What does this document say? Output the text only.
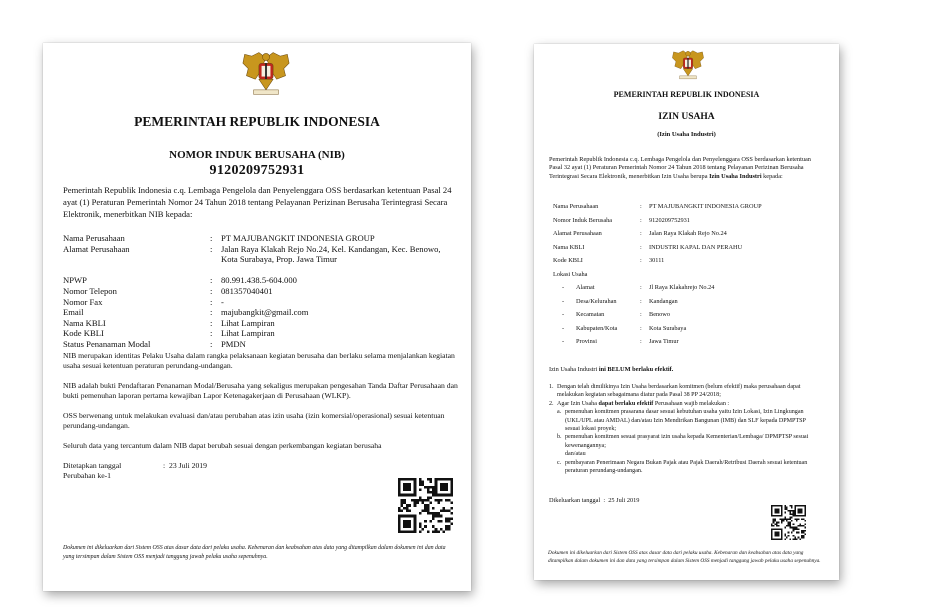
PEMERINTAH REPUBLIK INDONESIA
NOMOR INDUK BERUSAHA (NIB)
9120209752931
Pemerintah Republik Indonesia c.q. Lembaga Pengelola dan Penyelenggara OSS berdasarkan ketentuan Pasal 24 ayat (1) Peraturan Pemerintah Nomor 24 Tahun 2018 tentang Pelayanan Perizinan Berusaha Terintegrasi Secara Elektronik, menerbitkan NIB kepada:
Nama Perusahaan	: PT MAJUBANGKIT INDONESIA GROUP
Alamat Perusahaan	: Jalan Raya Klakah Rejo No.24, Kel. Kandangan, Kec. Benowo, Kota Surabaya, Prop. Jawa Timur
NPWP	: 80.991.438.5-604.000
Nomor Telepon	: 081357040401
Nomor Fax	: -
Email	: majubangkit@gmail.com
Nama KBLI	: Lihat Lampiran
Kode KBLI	: Lihat Lampiran
Status Penanaman Modal	: PMDN
NIB merupakan identitas Pelaku Usaha dalam rangka pelaksanaan kegiatan berusaha dan berlaku selama menjalankan kegiatan usaha sesuai ketentuan peraturan perundang-undangan.
NIB adalah bukti Pendaftaran Penanaman Modal/Berusaha yang sekaligus merupakan pengesahan Tanda Daftar Perusahaan dan bukti pemenuhan laporan pertama kewajiban Lapor Ketenagakerjaan di Perusahaan (WLKP).
OSS berwenang untuk melakukan evaluasi dan/atau perubahan atas izin usaha (izin komersial/operasional) sesuai ketentuan perundang-undangan.
Seluruh data yang tercantum dalam NIB dapat berubah sesuai dengan perkembangan kegiatan berusaha
Ditetapkan tanggal	:  23 Juli 2019
Perubahan ke-1
Dokumen ini dikeluarkan dari Sistem OSS atas dasar data dari pelaku usaha. Kebenaran dan keabsahan atas data yang ditampilkan dalam dokumen ini dan data yang tersimpan dalam Sistem OSS menjadi tanggung jawab pelaku usaha sepenuhnya.
PEMERINTAH REPUBLIK INDONESIA
IZIN USAHA
(Izin Usaha Industri)
Pemerintah Republik Indonesia c.q. Lembaga Pengelola dan Penyelenggara OSS berdasarkan ketentuan Pasal 32 ayat (1) Peraturan Pemerintah Nomor 24 Tahun 2018 tentang Pelayanan Perizinan Berusaha Terintegrasi Secara Elektronik, menerbitkan Izin Usaha berupa Izin Usaha Industri kepada:
Nama Perusahaan	: PT MAJUBANGKIT INDONESIA GROUP
Nomor Induk Berusaha	: 9120209752931
Alamat Perusahaan	: Jalan Raya Klakah Rejo No.24
Nama KBLI	: INDUSTRI KAPAL DAN PERAHU
Kode KBLI	: 30111
Lokasi Usaha
- Alamat	: Jl Raya Klakahrejo No.24
- Desa/Kelurahan	: Kandangan
- Kecamatan	: Benowo
- Kabupaten/Kota	: Kota Surabaya
- Provinsi	: Jawa Timur
Izin Usaha Industri ini BELUM berlaku efektif.
1. Dengan telah dimilikinya Izin Usaha berdasarkan komitmen (belum efektif) maka perusahaan dapat melakukan kegiatan sebagaimana diatur pada Pasal 38 PP 24/2018;
2. Agar Izin Usaha dapat berlaku efektif Perusahaan wajib melakukan :
a. pemenuhan komitmen prasarana dasar sesuai kebutuhan usaha yaitu Izin Lokasi, Izin Lingkungan (UKL/UPL atau AMDAL) dan/atau Izin Mendirikan Bangunan (IMB) dan SLF kepada DPMPTSP sesuai lokasi proyek;
b. pemenuhan komitmen sesuai prasyarat izin usaha kepada Kementerian/Lembaga/ DPMPTSP sesuai kewenangannya;
dan/atau
c. pembayaran Penerimaan Negara Bukan Pajak atau Pajak Daerah/Retribusi Daerah sesuai ketentuan peraturan perundang-undangan.
Dikeluarkan tanggal  :  25 Juli 2019
Dokumen ini dikeluarkan dari Sistem OSS atas dasar data dari pelaku usaha. Kebenaran dan keabsahan atas data yang ditampilkan dalam dokumen ini dan data yang tersimpan dalam Sistem OSS menjadi tanggung jawab pelaku usaha sepenuhnya.
